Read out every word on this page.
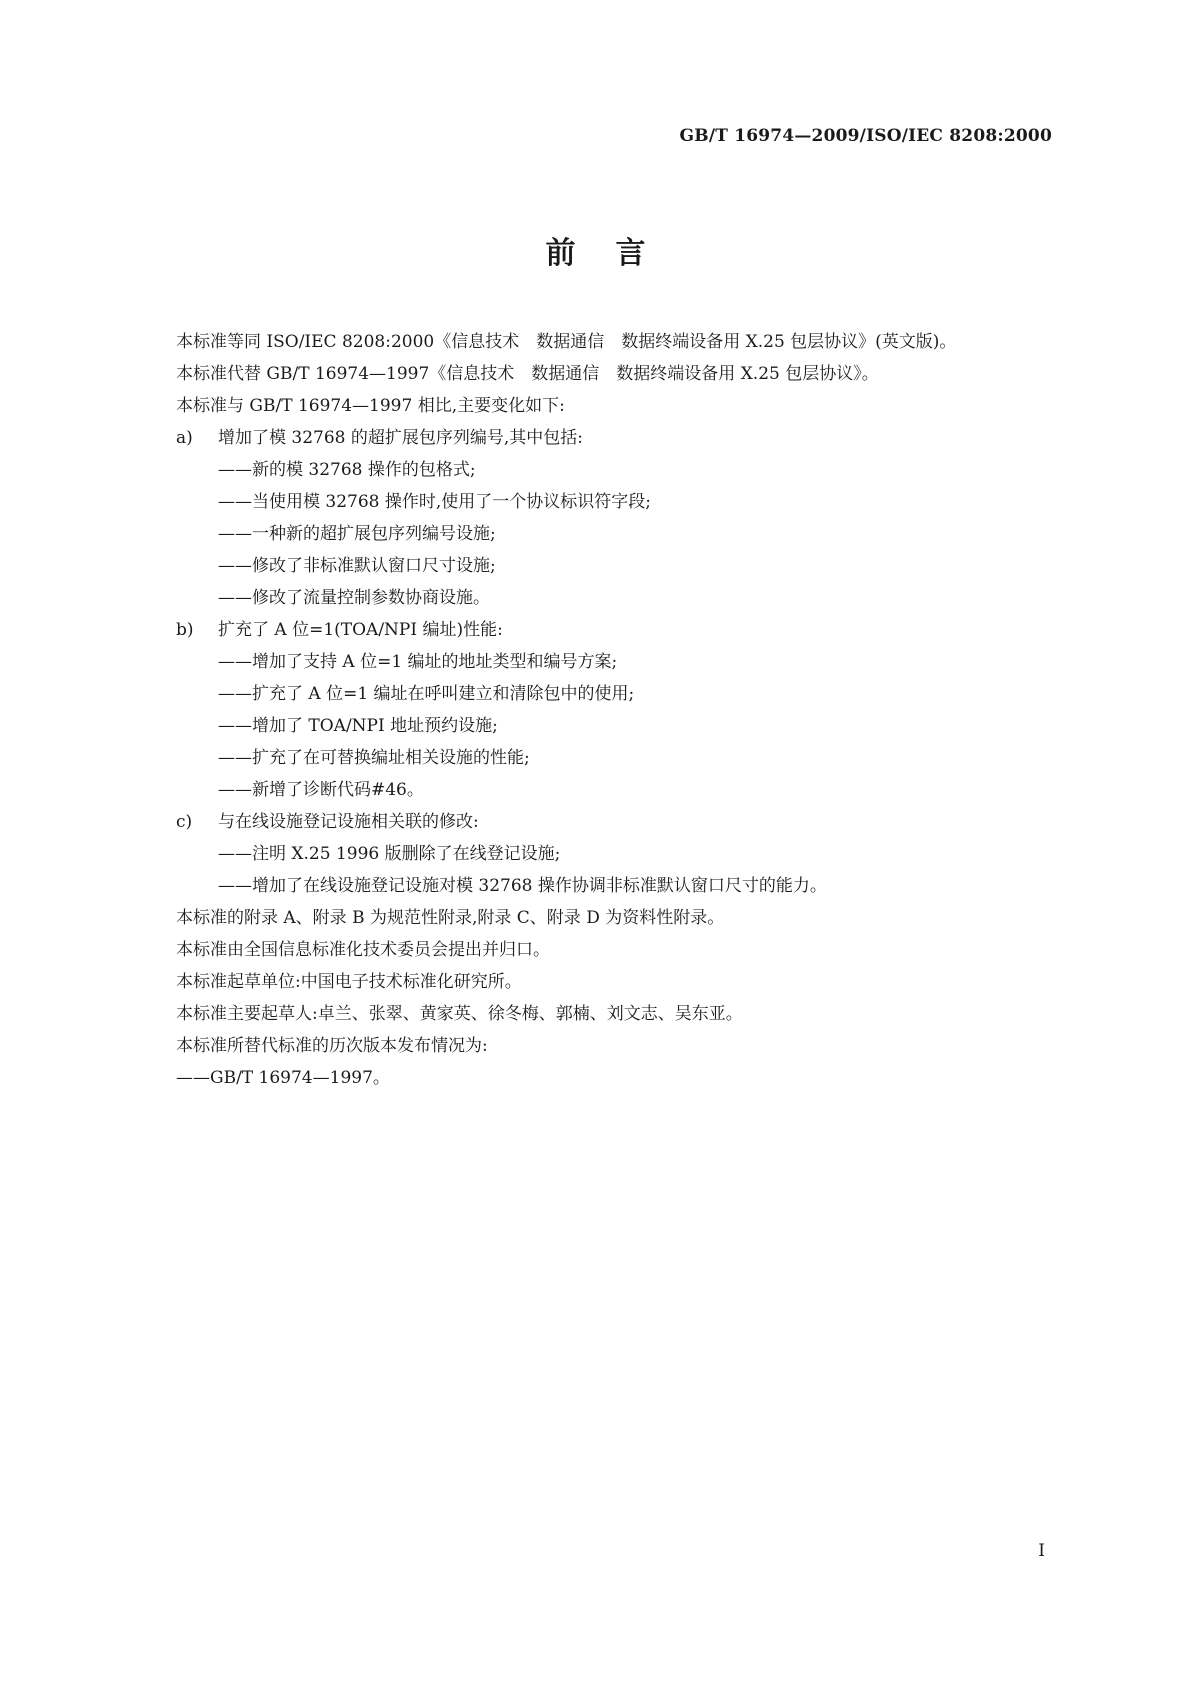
GB/T 16974—2009/ISO/IEC 8208:2000
前言
本标准等同 ISO/IEC 8208:2000《信息技术　数据通信　数据终端设备用 X.25 包层协议》(英文版)。
本标准代替 GB/T 16974—1997《信息技术　数据通信　数据终端设备用 X.25 包层协议》。
本标准与 GB/T 16974—1997 相比,主要变化如下:
a) 增加了模 32768 的超扩展包序列编号,其中包括:
——新的模 32768 操作的包格式;
——当使用模 32768 操作时,使用了一个协议标识符字段;
——一种新的超扩展包序列编号设施;
——修改了非标准默认窗口尺寸设施;
——修改了流量控制参数协商设施。
b) 扩充了 A 位=1(TOA/NPI 编址)性能:
——增加了支持 A 位=1 编址的地址类型和编号方案;
——扩充了 A 位=1 编址在呼叫建立和清除包中的使用;
——增加了 TOA/NPI 地址预约设施;
——扩充了在可替换编址相关设施的性能;
——新增了诊断代码#46。
c) 与在线设施登记设施相关联的修改:
——注明 X.25 1996 版删除了在线登记设施;
——增加了在线设施登记设施对模 32768 操作协调非标准默认窗口尺寸的能力。
本标准的附录 A、附录 B 为规范性附录,附录 C、附录 D 为资料性附录。
本标准由全国信息标准化技术委员会提出并归口。
本标准起草单位:中国电子技术标准化研究所。
本标准主要起草人:卓兰、张翠、黄家英、徐冬梅、郭楠、刘文志、吴东亚。
本标准所替代标准的历次版本发布情况为:
——GB/T 16974—1997。
I
